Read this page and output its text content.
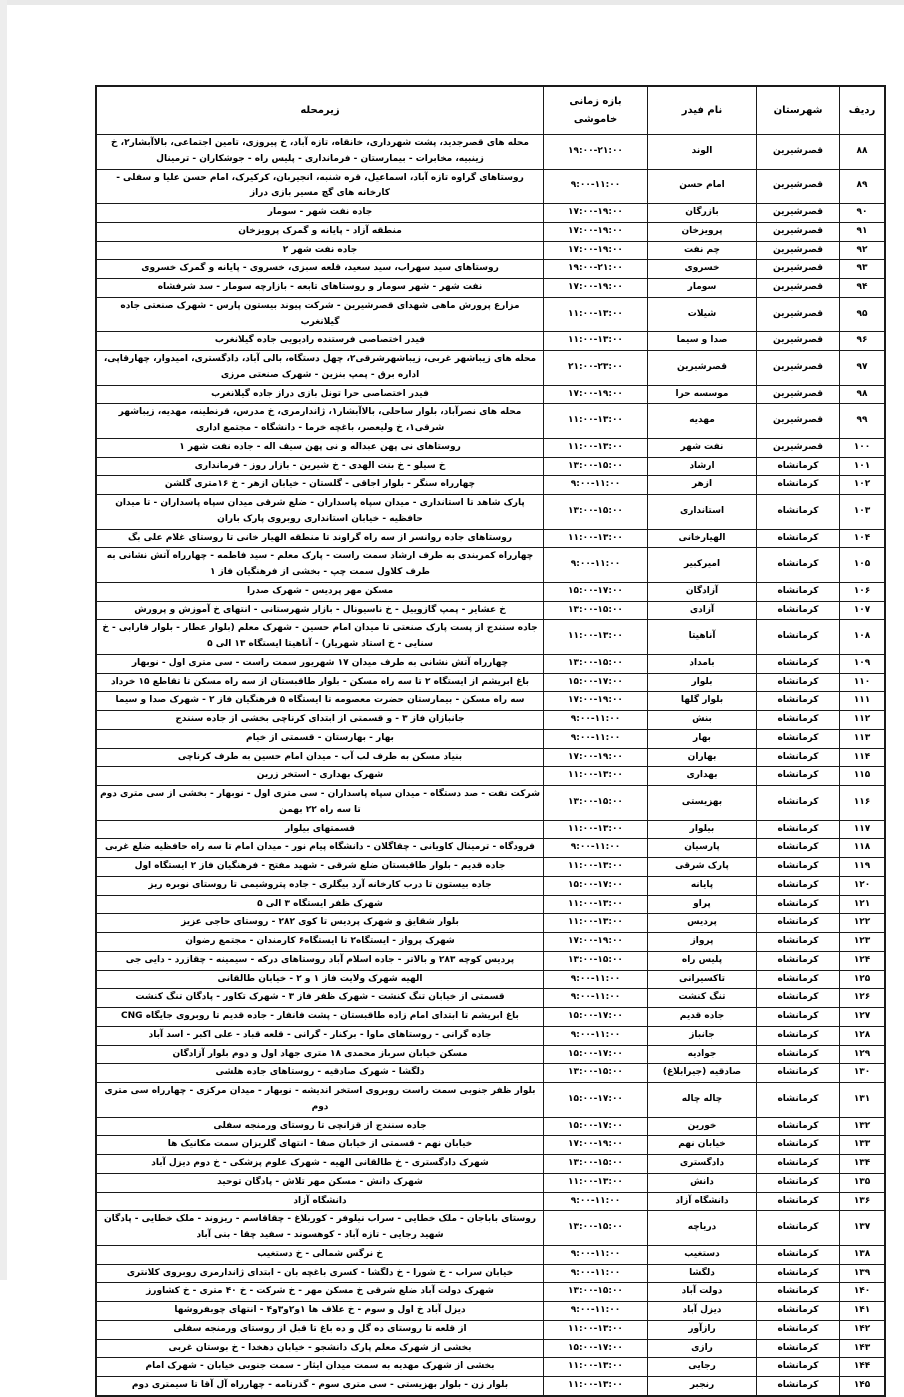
ردیف	شهرستان	نام فیدر	بازه زمانی خاموشی	زیرمحله
۸۸	قصرشیرین	الوند	۱۹:۰۰-۲۱:۰۰	محله های قصرجدید، پشت شهرداری، خانقاه، تازه آباد، خ پیروزی، تامین اجتماعی، بالاآبشار۲، خ زینبیه، مخابرات - بیمارستان - فرمانداری - پلیس راه - جوشکاران - ترمینال
۸۹	قصرشیرین	امام حسن	۹:۰۰-۱۱:۰۰	روستاهای گراوه تازه آباد، اسماعیل، قره شنبه، انجیربان، کرکیرک، امام حسن علیا و سفلی - کارخانه های گچ مسیر بازی دراز
۹۰	قصرشیرین	بازرگان	۱۷:۰۰-۱۹:۰۰	جاده نفت شهر - سومار
۹۱	قصرشیرین	پرویزخان	۱۷:۰۰-۱۹:۰۰	منطقه آزاد - پایانه و گمرک پرویزخان
۹۲	قصرشیرین	چم نفت	۱۷:۰۰-۱۹:۰۰	جاده نفت شهر ۲
۹۳	قصرشیرین	خسروی	۱۹:۰۰-۲۱:۰۰	روستاهای سید سهراب، سید سعید، قلعه سبزی، خسروی - پایانه و گمرک خسروی
۹۴	قصرشیرین	سومار	۱۷:۰۰-۱۹:۰۰	نفت شهر - شهر سومار و روستاهای تابعه - بازارچه سومار - سد شرفشاه
۹۵	قصرشیرین	شیلات	۱۱:۰۰-۱۳:۰۰	مزارع پرورش ماهی شهدای قصرشیرین - شرکت پیوند بیستون پارس - شهرک صنعتی جاده گیلانغرب
۹۶	قصرشیرین	صدا و سیما	۱۱:۰۰-۱۳:۰۰	فیدر اختصاصی فرستنده رادیویی جاده گیلانغرب
۹۷	قصرشیرین	قصرشیرین	۲۱:۰۰-۲۳:۰۰	محله های زیباشهر غربی، زیباشهرشرقی۲، چهل دستگاه، بالی آباد، دادگستری، امیدوار، چهارقاپی، اداره برق - پمپ بنزین - شهرک صنعتی مرزی
۹۸	قصرشیرین	موسسه حرا	۱۷:۰۰-۱۹:۰۰	فیدر اختصاصی حرا تونل بازی دراز جاده گیلانغرب
۹۹	قصرشیرین	مهدیه	۱۱:۰۰-۱۳:۰۰	محله های نصرآباد، بلوار ساحلی، بالاآبشار۱، ژاندارمری، خ مدرس، قرنطینه، مهدیه، زیباشهر شرقی۱، خ ولیعصر، باغچه خرما - دانشگاه - مجتمع اداری
۱۰۰	قصرشیرین	نفت شهر	۱۱:۰۰-۱۳:۰۰	روستاهای نی پهن عبداله و نی پهن سیف اله - جاده نفت شهر ۱
۱۰۱	کرمانشاه	ارشاد	۱۳:۰۰-۱۵:۰۰	خ سیلو - خ بنت الهدی - خ شیرین - بازار روز - فرمانداری
۱۰۲	کرمانشاه	ازهر	۹:۰۰-۱۱:۰۰	چهارراه سنگر - بلوار اجاقی - گلستان - خیابان ازهر - خ ۱۶متری گلشن
۱۰۳	کرمانشاه	استانداری	۱۳:۰۰-۱۵:۰۰	پارک شاهد تا استانداری - میدان سپاه پاسداران - ضلع شرقی میدان سپاه پاسداران - تا میدان حافظیه - خیابان استانداری روبروی پارک باران
۱۰۴	کرمانشاه	الهیارخانی	۱۱:۰۰-۱۳:۰۰	روستاهای جاده روانسر از سه راه گراوند تا منطقه الهیار خانی تا روستای غلام علی بگ
۱۰۵	کرمانشاه	امیرکبیر	۹:۰۰-۱۱:۰۰	چهارراه کمربندی به طرف ارشاد سمت راست - پارک معلم - سید فاطمه - چهارراه آتش نشانی به طرف کلاول سمت چپ - بخشی از فرهنگیان فاز ۱
۱۰۶	کرمانشاه	آزادگان	۱۵:۰۰-۱۷:۰۰	مسکن مهر پردیس - شهرک صدرا
۱۰۷	کرمانشاه	آزادی	۱۳:۰۰-۱۵:۰۰	خ عشایر - پمپ گازوییل - خ ناسیونال - بازار شهرستانی - انتهای خ آموزش و پرورش
۱۰۸	کرمانشاه	آناهیتا	۱۱:۰۰-۱۳:۰۰	جاده سنندج از پست پارک صنعتی تا میدان امام حسین - شهرک معلم (بلوار عطار - بلوار فارابی - خ سنایی - خ استاد شهریار) - آناهیتا ایستگاه ۱۳ الی ۵
۱۰۹	کرمانشاه	بامداد	۱۳:۰۰-۱۵:۰۰	چهارراه آتش نشانی به طرف میدان ۱۷ شهریور سمت راست - سی متری اول - نوبهار
۱۱۰	کرمانشاه	بلوار	۱۵:۰۰-۱۷:۰۰	باغ ابریشم از ایستگاه ۲ تا سه راه مسکن - بلوار طاقبستان از سه راه مسکن تا تقاطع ۱۵ خرداد
۱۱۱	کرمانشاه	بلوار گلها	۱۷:۰۰-۱۹:۰۰	سه راه مسکن - بیمارستان حضرت معصومه تا ایستگاه ۵ فرهنگیان فاز ۲ - شهرک صدا و سیما
۱۱۲	کرمانشاه	بنش	۹:۰۰-۱۱:۰۰	جانبازان فاز ۳ - و قسمتی از ابتدای کرناچی بخشی از جاده سنندج
۱۱۳	کرمانشاه	بهار	۹:۰۰-۱۱:۰۰	بهار - بهارستان - قسمتی از خیام
۱۱۴	کرمانشاه	بهاران	۱۷:۰۰-۱۹:۰۰	بنیاد مسکن به طرف لب آب - میدان امام حسین به طرف کرناچی
۱۱۵	کرمانشاه	بهداری	۱۱:۰۰-۱۳:۰۰	شهرک بهداری - استخر زرین
۱۱۶	کرمانشاه	بهزیستی	۱۳:۰۰-۱۵:۰۰	شرکت نفت - صد دستگاه - میدان سپاه پاسداران - سی متری اول - نوبهار - بخشی از سی متری دوم تا سه راه ۲۲ بهمن
۱۱۷	کرمانشاه	بیلوار	۱۱:۰۰-۱۳:۰۰	قسمتهای بیلوار
۱۱۸	کرمانشاه	پارسیان	۹:۰۰-۱۱:۰۰	فرودگاه - ترمینال کاویانی - چقاگلان - دانشگاه پیام نور - میدان امام تا سه راه حافظیه ضلع غربی
۱۱۹	کرمانشاه	پارک شرقی	۱۱:۰۰-۱۳:۰۰	جاده قدیم - بلوار طاقبستان ضلع شرقی - شهید مفتح - فرهنگیان فاز ۲ ایستگاه اول
۱۲۰	کرمانشاه	پایانه	۱۵:۰۰-۱۷:۰۰	جاده بیستون تا درب کارخانه آرد بیگلری - جاده پتروشیمی تا روستای نوبره ریز
۱۲۱	کرمانشاه	پراو	۱۱:۰۰-۱۳:۰۰	شهرک ظفر ایستگاه ۳ الی ۵
۱۲۲	کرمانشاه	پردیس	۱۱:۰۰-۱۳:۰۰	بلوار شقایق و شهرک پردیس تا کوی ۲۸۲ - روستای حاجی عزیز
۱۲۳	کرمانشاه	پرواز	۱۷:۰۰-۱۹:۰۰	شهرک پرواز - ایستگاه۲ تا ایستگاه۶ کارمندان - مجتمع رضوان
۱۲۴	کرمانشاه	پلیس راه	۱۳:۰۰-۱۵:۰۰	پردیس کوچه ۲۸۳ و بالاتر - جاده اسلام آباد روستاهای درکه - سیمینه - چقازرد - دایی جی
۱۲۵	کرمانشاه	تاکسیرانی	۹:۰۰-۱۱:۰۰	الهیه شهرک ولایت فاز ۱ و ۲ - خیابان طالقانی
۱۲۶	کرمانشاه	تنگ کنشت	۹:۰۰-۱۱:۰۰	قسمتی از خیابان تنگ کنشت - شهرک ظفر فاز ۳ - شهرک تکاور - پادگان تنگ کنشت
۱۲۷	کرمانشاه	جاده قدیم	۱۵:۰۰-۱۷:۰۰	باغ ابریشم تا ابتدای امام زاده طاقبستان - پشت فانفار - جاده قدیم تا روبروی جایگاه CNG
۱۲۸	کرمانشاه	جانباز	۹:۰۰-۱۱:۰۰	جاده گرانی - روستاهای ماوا - برکنار - گرانی - قلعه قباد - علی اکبر - اسد آباد
۱۲۹	کرمانشاه	جوادیه	۱۵:۰۰-۱۷:۰۰	مسکن خیابان سرباز محمدی ۱۸ متری جهاد اول و دوم بلوار آزادگان
۱۳۰	کرمانشاه	صادقیه (جیرابلاغ)	۱۳:۰۰-۱۵:۰۰	دلگشا - شهرک صادقیه - روستاهای جاده هلشی
۱۳۱	کرمانشاه	چاله چاله	۱۵:۰۰-۱۷:۰۰	بلوار ظفر جنوبی سمت راست روبروی استخر اندیشه - نوبهار - میدان مرکزی - چهارراه سی متری دوم
۱۳۲	کرمانشاه	خورین	۱۵:۰۰-۱۷:۰۰	جاده سنندج از قزانچی تا روستای ورمنجه سفلی
۱۳۳	کرمانشاه	خیابان نهم	۱۷:۰۰-۱۹:۰۰	خیابان نهم - قسمتی از خیابان صفا - انتهای گلریزان سمت مکانیک ها
۱۳۴	کرمانشاه	دادگستری	۱۳:۰۰-۱۵:۰۰	شهرک دادگستری - خ طالقانی الهیه - شهرک علوم پزشکی - خ دوم دیزل آباد
۱۳۵	کرمانشاه	دانش	۱۱:۰۰-۱۳:۰۰	شهرک دانش - مسکن مهر تلاش - پادگان توحید
۱۳۶	کرمانشاه	دانشگاه آزاد	۹:۰۰-۱۱:۰۰	دانشگاه آزاد
۱۳۷	کرمانشاه	دریاچه	۱۳:۰۰-۱۵:۰۰	روستای باباجان - ملک خطایی - سراب نیلوفر - کوربلاغ - چقاقاسم - ریزوند - ملک خطایی - پادگان شهید رجایی - تازه آباد - کوهسوند - سفید چقا - بنی آباد
۱۳۸	کرمانشاه	دستغیب	۹:۰۰-۱۱:۰۰	خ نرگس شمالی - خ دستغیب
۱۳۹	کرمانشاه	دلگشا	۹:۰۰-۱۱:۰۰	خیابان سراب - خ شورا - خ دلگشا - کسری باغچه بان - ابتدای ژاندارمری روبروی کلانتری
۱۴۰	کرمانشاه	دولت آباد	۱۳:۰۰-۱۵:۰۰	شهرک دولت آباد ضلع شرقی خ مسکن مهر - خ شرکت - خ ۴۰ متری - خ کشاورز
۱۴۱	کرمانشاه	دیزل آباد	۹:۰۰-۱۱:۰۰	دیزل آباد خ اول و سوم - خ علاف ها ۱و۲و۳و۴ - انتهای چوبفروشها
۱۴۲	کرمانشاه	رازآور	۱۱:۰۰-۱۳:۰۰	از قلعه تا روستای ده گل و ده باغ تا قبل از روستای ورمنجه سفلی
۱۴۳	کرمانشاه	رازی	۱۵:۰۰-۱۷:۰۰	بخشی از شهرک معلم پارک دانشجو - خیابان دهخدا - خ بوستان غربی
۱۴۴	کرمانشاه	رجایی	۱۱:۰۰-۱۳:۰۰	بخشی از شهرک مهدیه به سمت میدان ایثار - سمت جنوبی خیابان - شهرک امام
۱۴۵	کرمانشاه	رنجبر	۱۱:۰۰-۱۳:۰۰	بلوار زن - بلوار بهزیستی - سی متری سوم - گذرنامه - چهارراه آل آقا تا سیمتری دوم
